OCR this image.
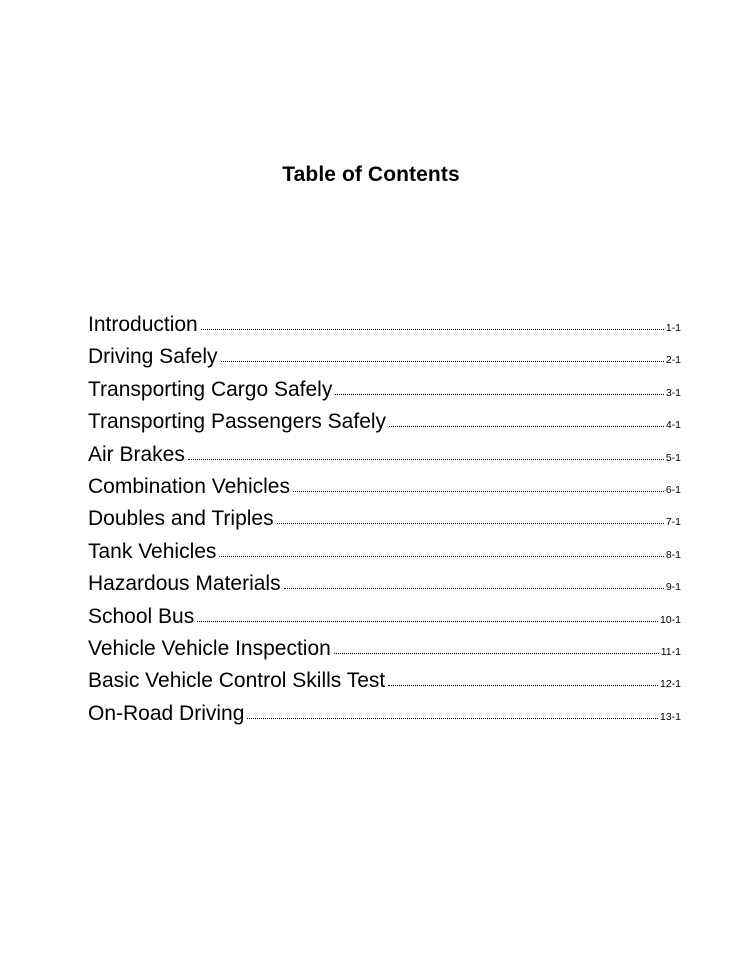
Table of Contents
Introduction	1-1
Driving Safely	2-1
Transporting Cargo Safely	3-1
Transporting Passengers Safely	4-1
Air Brakes	5-1
Combination Vehicles	6-1
Doubles and Triples	7-1
Tank Vehicles	8-1
Hazardous Materials	9-1
School Bus	10-1
Vehicle Vehicle Inspection	11-1
Basic Vehicle Control Skills Test	12-1
On-Road Driving	13-1
